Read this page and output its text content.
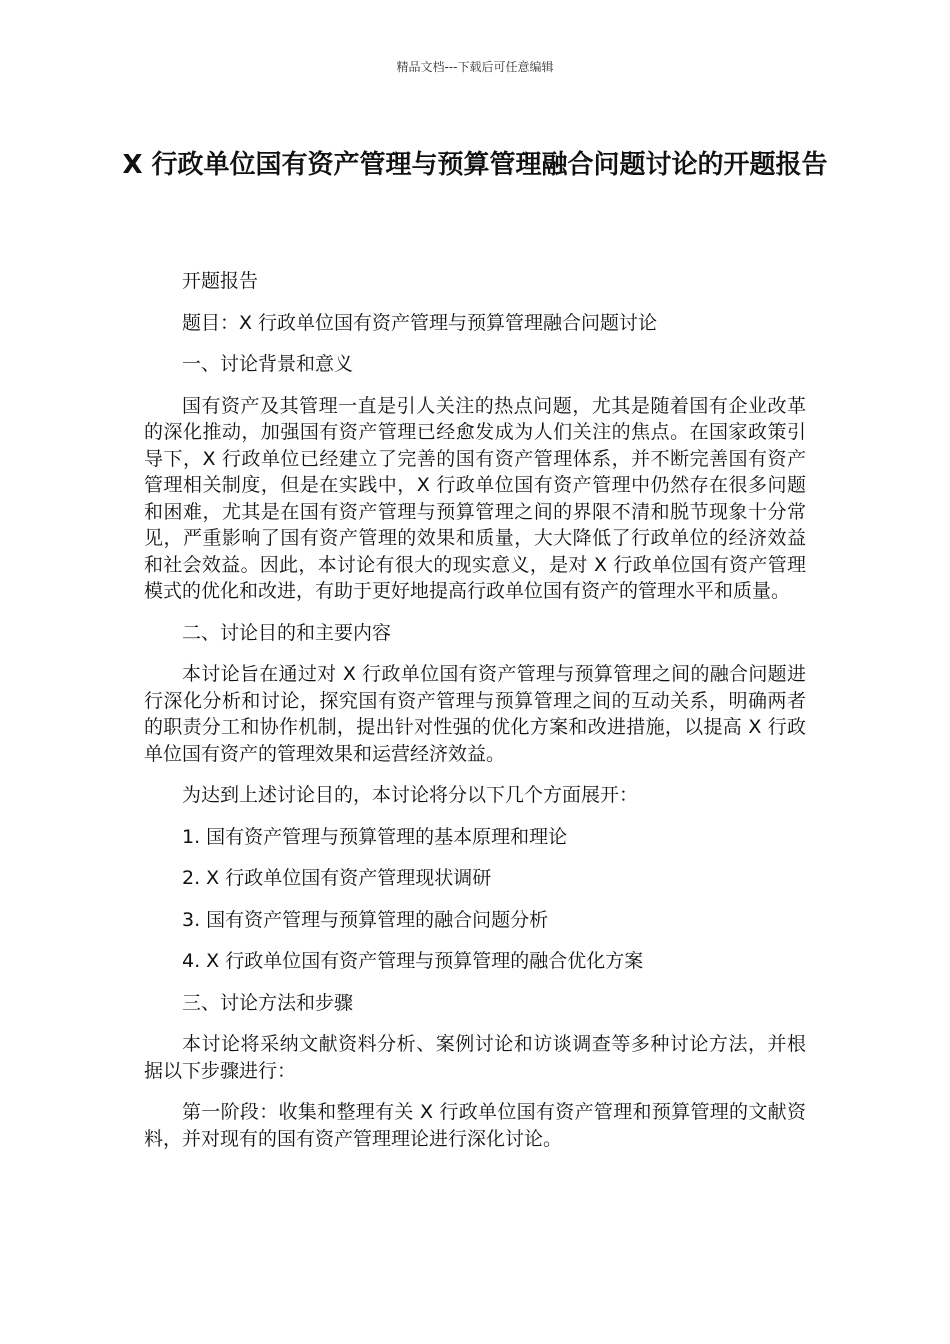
精品文档---下载后可任意编辑
X 行政单位国有资产管理与预算管理融合问题讨论的开题报告

开题报告

题目：X 行政单位国有资产管理与预算管理融合问题讨论

一、讨论背景和意义

国有资产及其管理一直是引人关注的热点问题，尤其是随着国有企业改革的深化推动，加强国有资产管理已经愈发成为人们关注的焦点。在国家政策引导下，X 行政单位已经建立了完善的国有资产管理体系，并不断完善国有资产管理相关制度，但是在实践中，X 行政单位国有资产管理中仍然存在很多问题和困难，尤其是在国有资产管理与预算管理之间的界限不清和脱节现象十分常见，严重影响了国有资产管理的效果和质量，大大降低了行政单位的经济效益和社会效益。因此，本讨论有很大的现实意义，是对 X 行政单位国有资产管理模式的优化和改进，有助于更好地提高行政单位国有资产的管理水平和质量。

二、讨论目的和主要内容

本讨论旨在通过对 X 行政单位国有资产管理与预算管理之间的融合问题进行深化分析和讨论，探究国有资产管理与预算管理之间的互动关系，明确两者的职责分工和协作机制，提出针对性强的优化方案和改进措施，以提高 X 行政单位国有资产的管理效果和运营经济效益。

为达到上述讨论目的，本讨论将分以下几个方面展开：

1. 国有资产管理与预算管理的基本原理和理论

2. X 行政单位国有资产管理现状调研

3. 国有资产管理与预算管理的融合问题分析

4. X 行政单位国有资产管理与预算管理的融合优化方案

三、讨论方法和步骤

本讨论将采纳文献资料分析、案例讨论和访谈调查等多种讨论方法，并根据以下步骤进行：

第一阶段：收集和整理有关 X 行政单位国有资产管理和预算管理的文献资料，并对现有的国有资产管理理论进行深化讨论。
